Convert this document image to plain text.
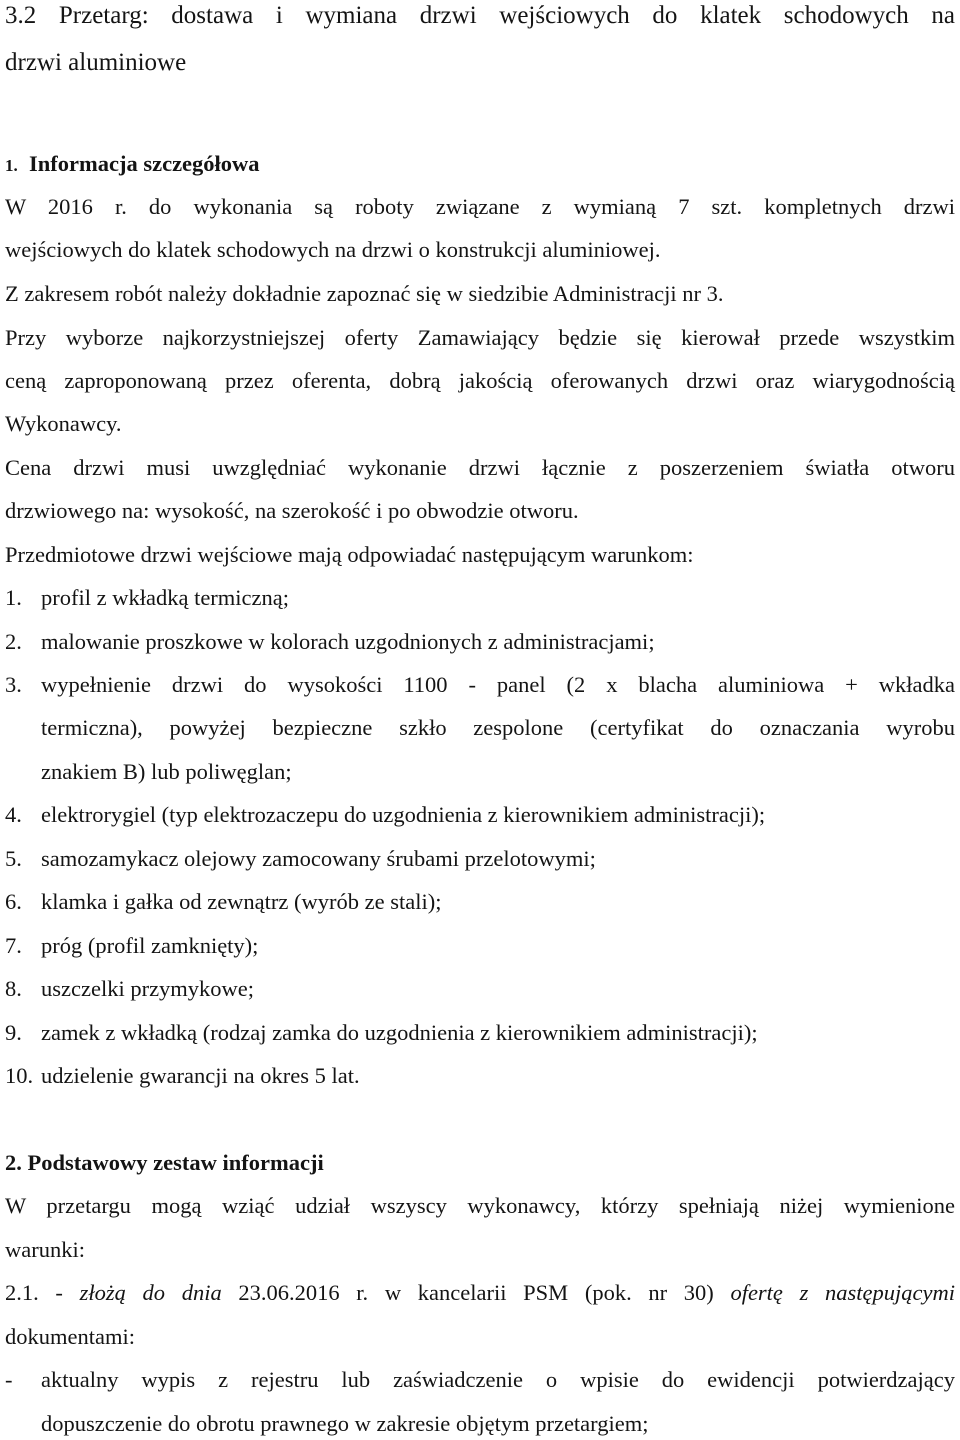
3.2 Przetarg: dostawa i wymiana drzwi wejściowych do klatek schodowych na

drzwi aluminiowe

1. Informacja szczegółowa

W 2016 r. do wykonania są roboty związane z wymianą 7 szt. kompletnych drzwi

wejściowych do klatek schodowych na drzwi o konstrukcji aluminiowej.

Z zakresem robót należy dokładnie zapoznać się w siedzibie Administracji nr 3.

Przy wyborze najkorzystniejszej oferty Zamawiający będzie się kierował przede wszystkim

ceną zaproponowaną przez oferenta, dobrą jakością oferowanych drzwi oraz wiarygodnością

Wykonawcy.

Cena drzwi musi uwzględniać wykonanie drzwi łącznie z poszerzeniem światła otworu

drzwiowego na: wysokość, na szerokość i po obwodzie otworu.

Przedmiotowe drzwi wejściowe mają odpowiadać następującym warunkom:

1. profil z wkładką termiczną;

2. malowanie proszkowe w kolorach uzgodnionych z administracjami;

3. wypełnienie drzwi do wysokości 1100 - panel (2 x blacha aluminiowa + wkładka

termiczna), powyżej bezpieczne szkło zespolone (certyfikat do oznaczania wyrobu

znakiem B) lub poliwęglan;

4. elektrorygiel (typ elektrozaczepu do uzgodnienia z kierownikiem administracji);

5. samozamykacz olejowy zamocowany śrubami przelotowymi;

6. klamka i gałka od zewnątrz (wyrób ze stali);

7. próg (profil zamknięty);

8. uszczelki przymykowe;

9. zamek z wkładką (rodzaj zamka do uzgodnienia z kierownikiem administracji);

10. udzielenie gwarancji na okres 5 lat.

2. Podstawowy zestaw informacji

W przetargu mogą wziąć udział wszyscy wykonawcy, którzy spełniają niżej wymienione

warunki:

2.1. - złożą do dnia 23.06.2016 r. w kancelarii PSM (pok. nr 30) ofertę z następującymi

dokumentami:

-	aktualny wypis z rejestru lub zaświadczenie o wpisie do ewidencji potwierdzający

dopuszczenie do obrotu prawnego w zakresie objętym przetargiem;
